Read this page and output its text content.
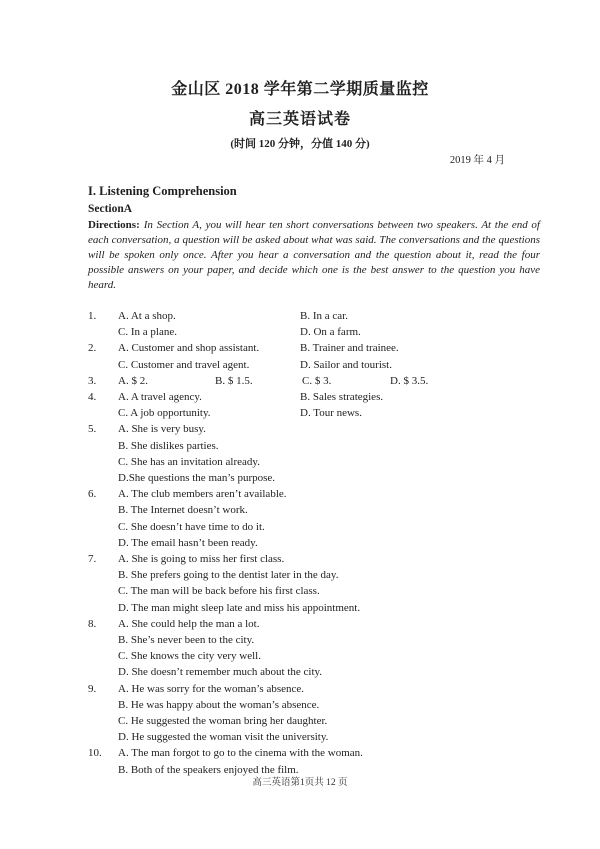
金山区 2018 学年第二学期质量监控
高三英语试卷
(时间 120 分钟，分值 140 分)
2019 年 4 月
I. Listening Comprehension
SectionA

Directions: In Section A, you will hear ten short conversations between two speakers. At the end of each conversation, a question will be asked about what was said. The conversations and the questions will be spoken only once. After you hear a conversation and the question about it, read the four possible answers on your paper, and decide which one is the best answer to the question you have heard.

1.	A. At a shop.	B. In a car.
C. In a plane.	D. On a farm.
2.	A. Customer and shop assistant.	B. Trainer and trainee.
C. Customer and travel agent.	D. Sailor and tourist.
3.	A. $ 2.	B. $ 1.5.	C. $ 3.	D. $ 3.5.
4.	A. A travel agency.	B. Sales strategies.
C. A job opportunity.	D. Tour news.
5.	A. She is very busy.
B. She dislikes parties.
C. She has an invitation already.
D.She questions the man’s purpose.
6.	A. The club members aren’t available.
B. The Internet doesn’t work.
C. She doesn’t have time to do it.
D. The email hasn’t been ready.
7.	A. She is going to miss her first class.
B. She prefers going to the dentist later in the day.
C. The man will be back before his first class.
D. The man might sleep late and miss his appointment.
8.	A. She could help the man a lot.
B. She’s never been to the city.
C. She knows the city very well.
D. She doesn’t remember much about the city.
9.	A. He was sorry for the woman’s absence.
B. He was happy about the woman’s absence.
C. He suggested the woman bring her daughter.
D. He suggested the woman visit the university.
10.	A. The man forgot to go to the cinema with the woman.
B. Both of the speakers enjoyed the film.
高三英语第1页共 12 页
